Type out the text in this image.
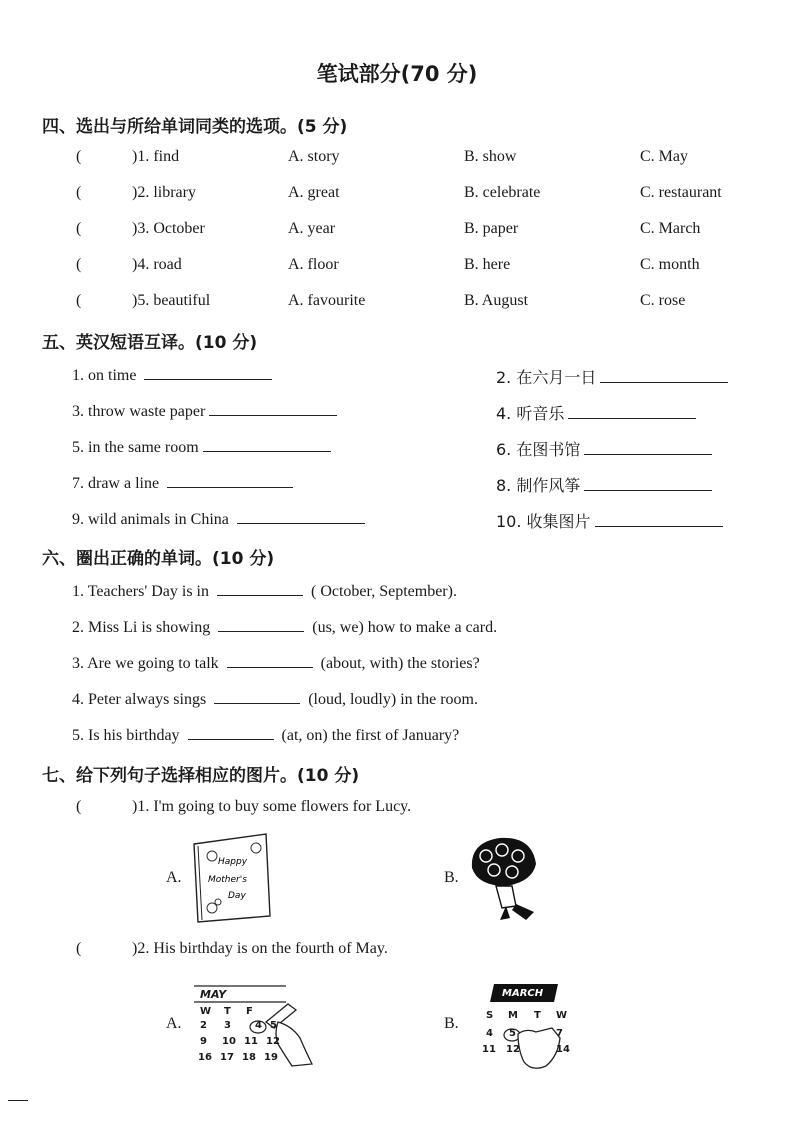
笔试部分(70 分)
四、选出与所给单词同类的选项。(5 分)
(	)1. find	A. story	B. show	C. May
(	)2. library	A. great	B. celebrate	C. restaurant
(	)3. October	A. year	B. paper	C. March
(	)4. road	A. floor	B. here	C. month
(	)5. beautiful	A. favourite	B. August	C. rose
五、英汉短语互译。(10 分)
1. on time	2. 在六月一日
3. throw waste paper	4. 听音乐
5. in the same room	6. 在图书馆
7. draw a line	8. 制作风筝
9. wild animals in China	10. 收集图片
六、圈出正确的单词。(10 分)
1. Teachers' Day is in	( October, September).
2. Miss Li is showing	(us, we) how to make a card.
3. Are we going to talk	(about, with) the stories?
4. Peter always sings	(loud, loudly) in the room.
5. Is his birthday	(at, on) the first of January?
七、给下列句子选择相应的图片。(10 分)
(	)1. I'm going to buy some flowers for Lucy.
A.
Happy
Mother's
Day
B.
(	)2. His birthday is on the fourth of May.
A.
MAY
W T F
2 3 4 5
9 10 11 12
16 17 18 19
B.
MARCH
S M T W
4 5	7
11 12	14
